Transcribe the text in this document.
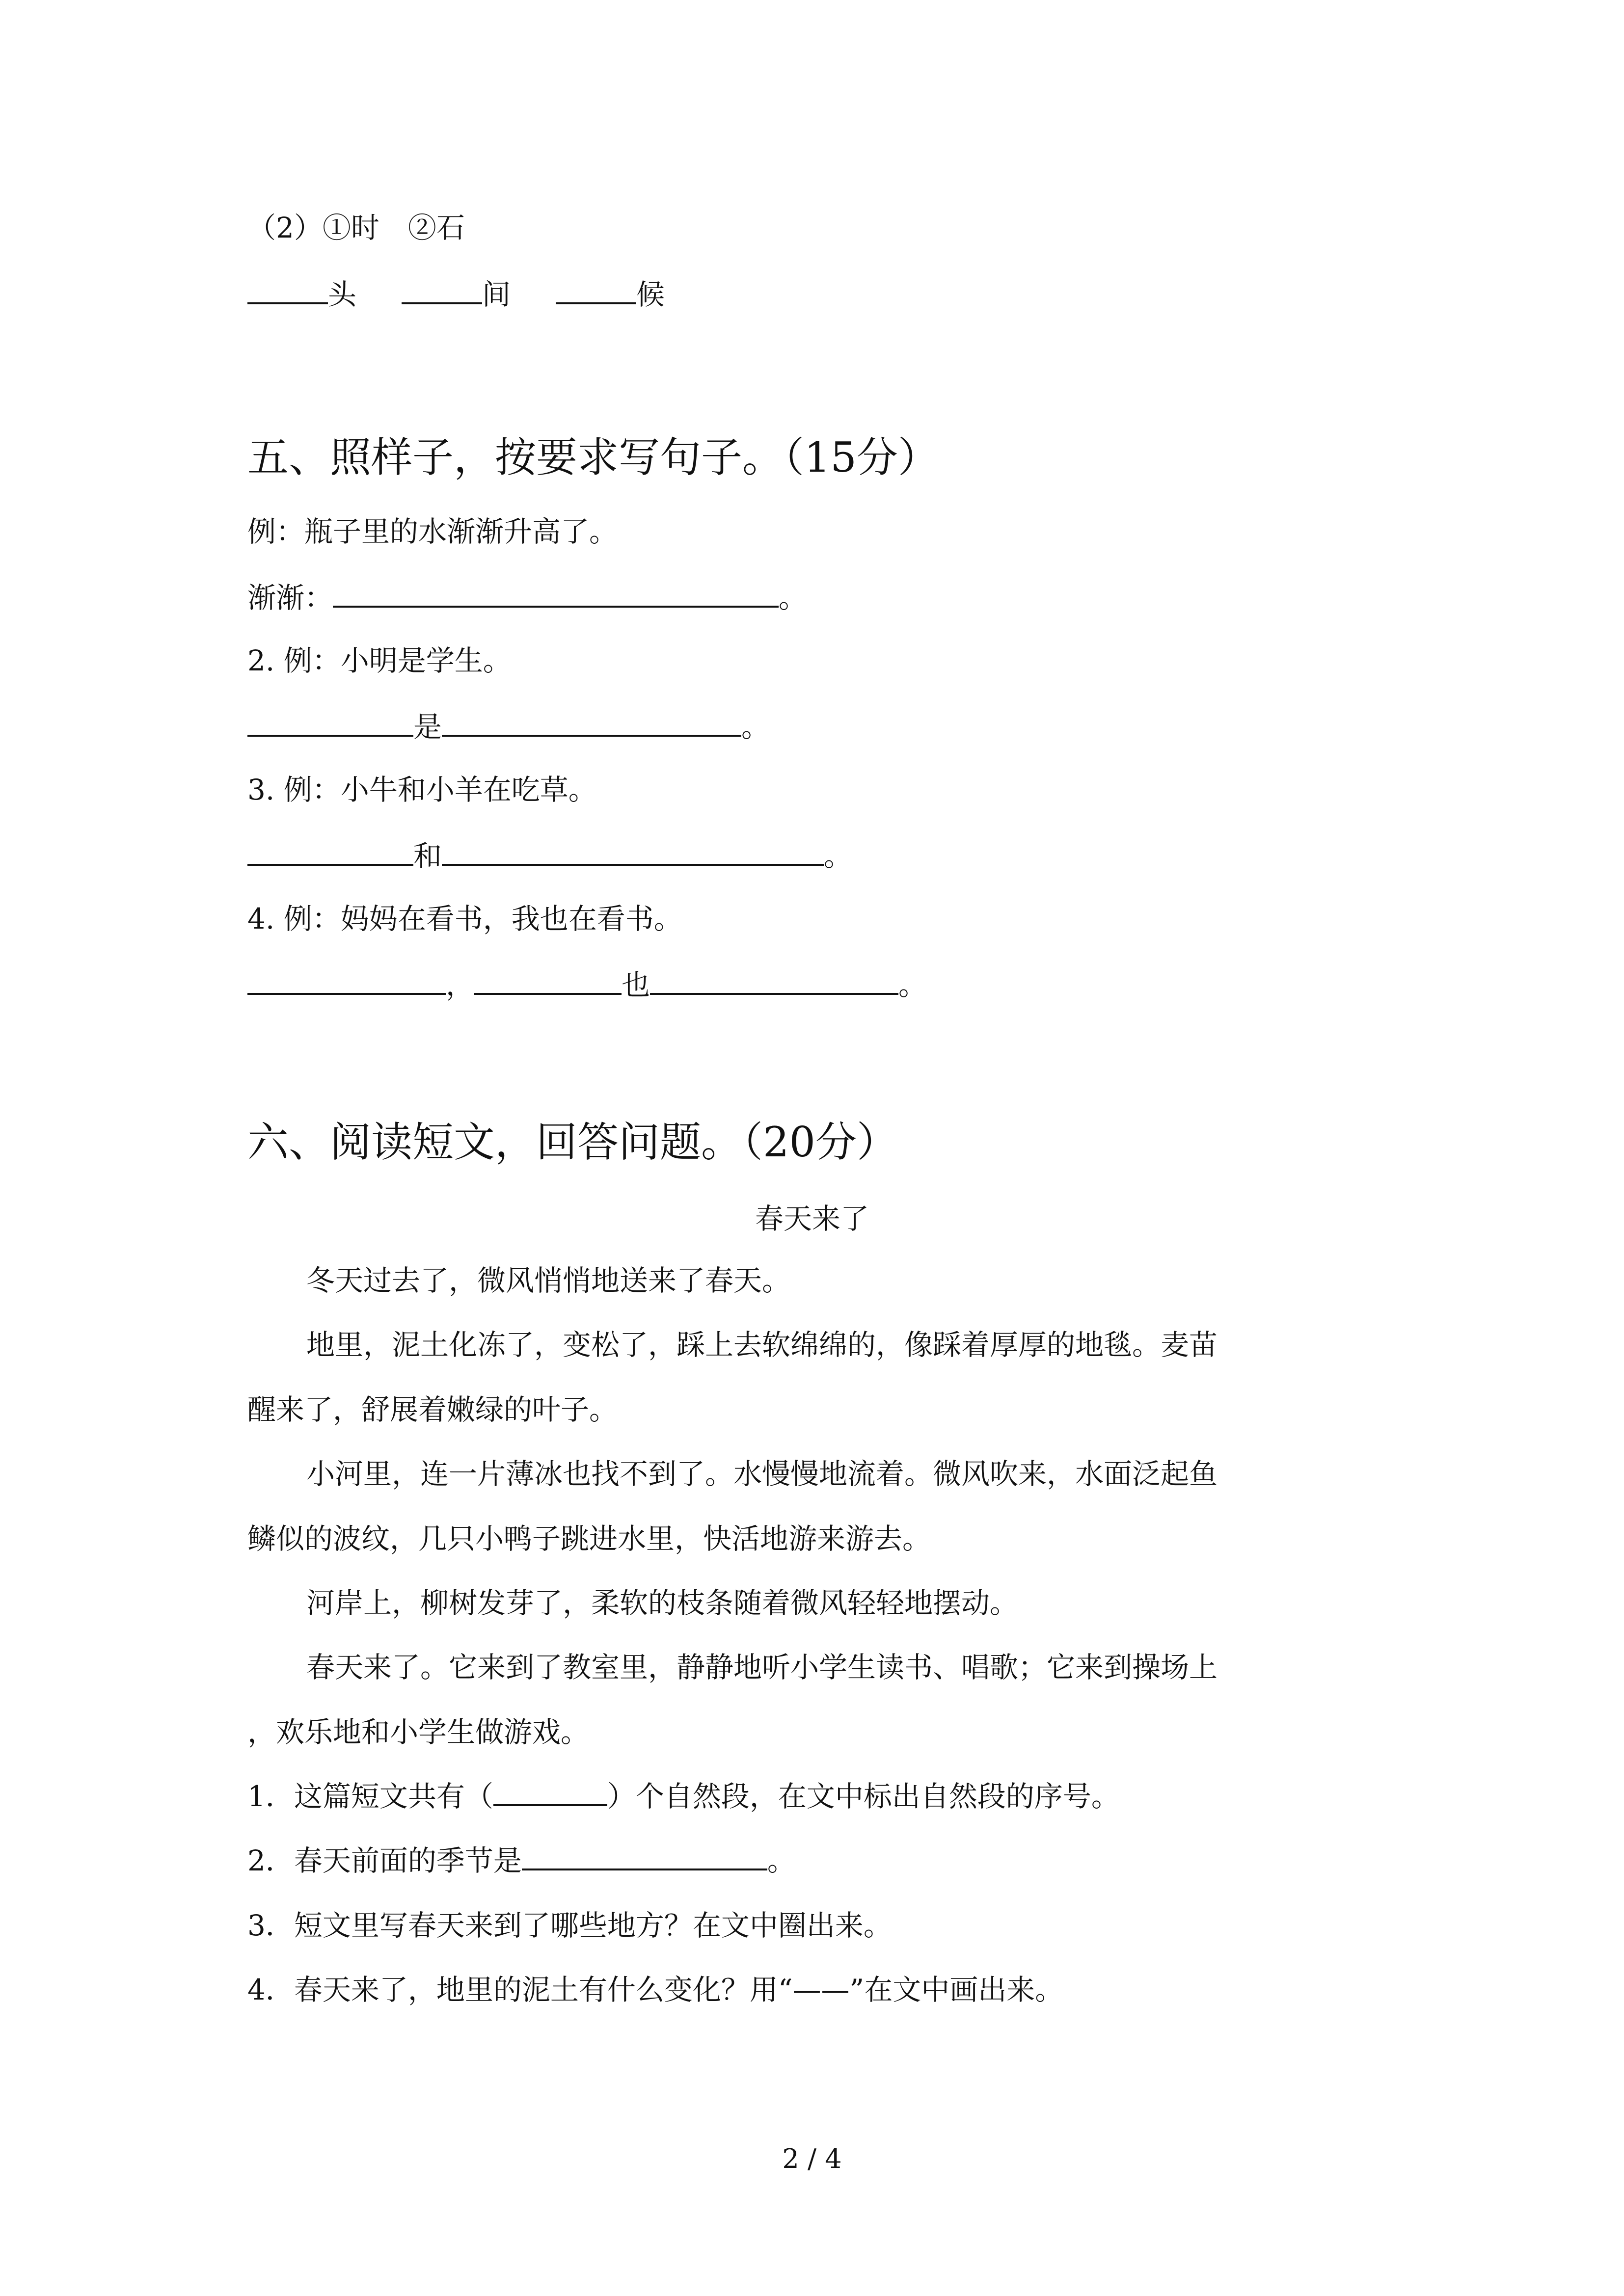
（2）①时　②石
头	间	候
五、照样子，按要求写句子。（15分）
例：瓶子里的水渐渐升高了。
渐渐：	。
2. 例：小明是学生。
是	。
3. 例：小牛和小羊在吃草。
和	。
4. 例：妈妈在看书，我也在看书。
，	也	。
六、阅读短文，回答问题。（20分）
春天来了
冬天过去了，微风悄悄地送来了春天。
地里，泥土化冻了，变松了，踩上去软绵绵的，像踩着厚厚的地毯。麦苗
醒来了，舒展着嫩绿的叶子。
小河里，连一片薄冰也找不到了。水慢慢地流着。微风吹来，水面泛起鱼
鳞似的波纹，几只小鸭子跳进水里，快活地游来游去。
河岸上，柳树发芽了，柔软的枝条随着微风轻轻地摆动。
春天来了。它来到了教室里，静静地听小学生读书、唱歌；它来到操场上
，欢乐地和小学生做游戏。
1．这篇短文共有（	）个自然段，在文中标出自然段的序号。
2．春天前面的季节是	。
3．短文里写春天来到了哪些地方？在文中圈出来。
4．春天来了，地里的泥土有什么变化？用“——”在文中画出来。
2 / 4
